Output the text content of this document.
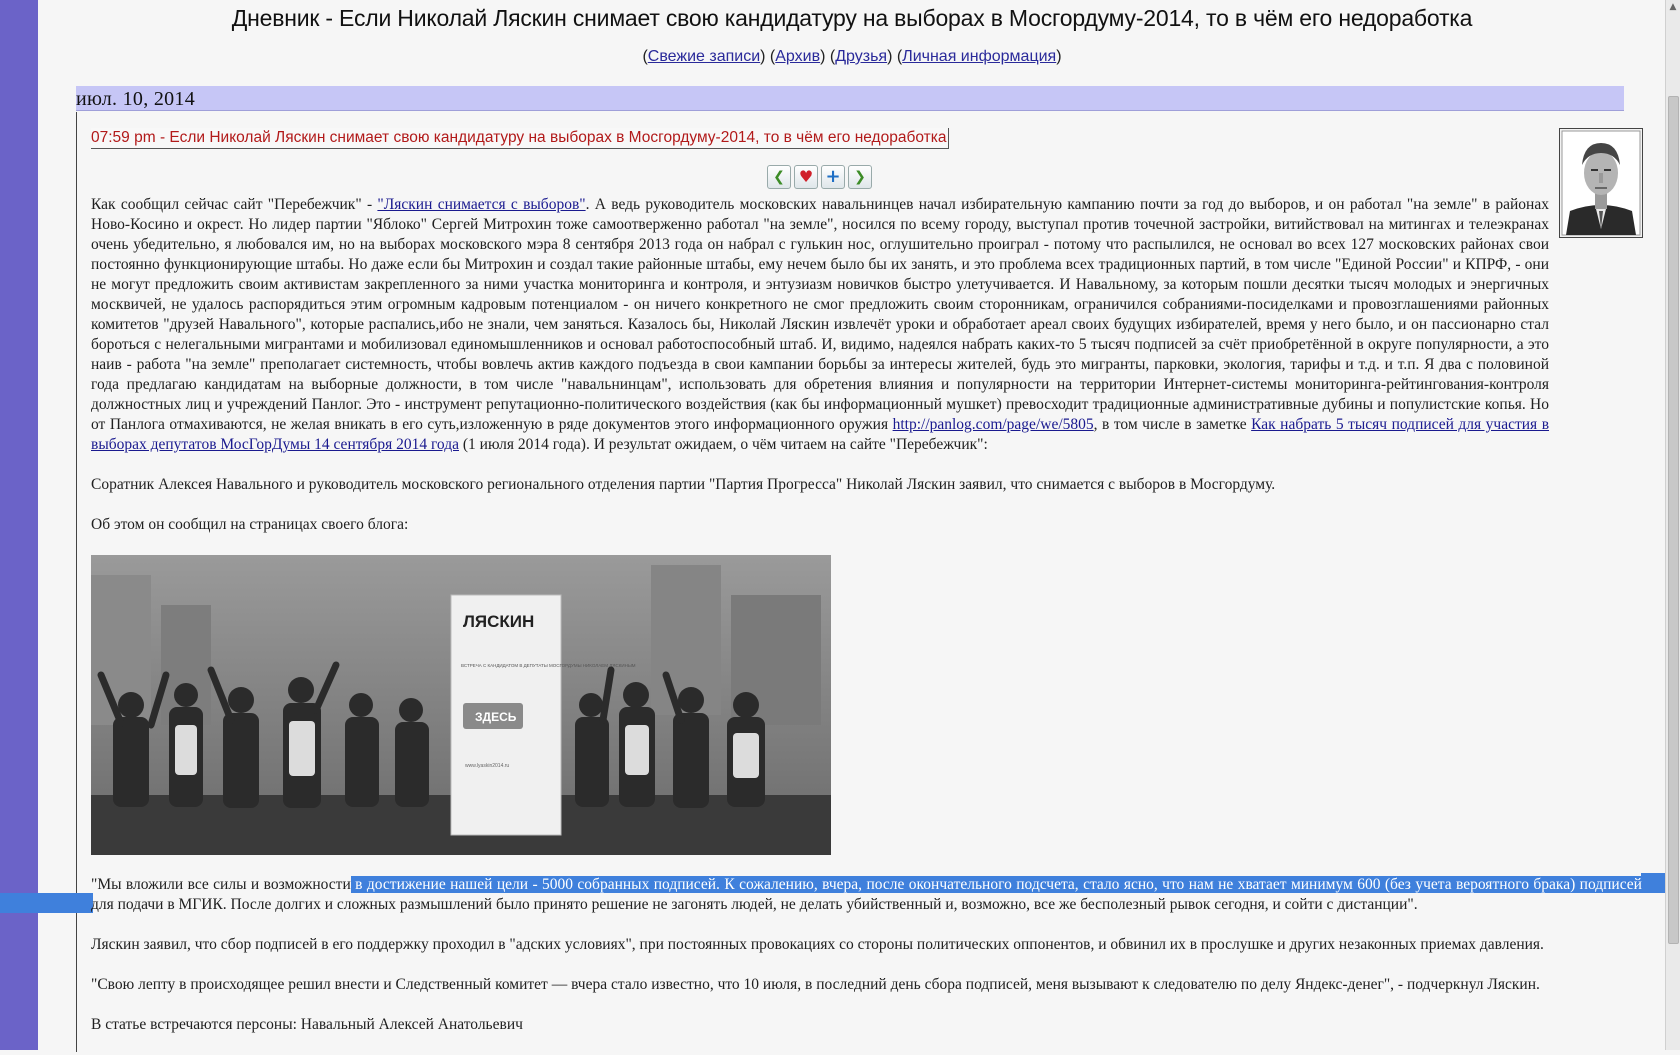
▲
Дневник - Если Николай Ляскин снимает свою кандидатуру на выборах в Мосгордуму-2014, то в чём его недоработка
(Свежие записи) (Архив) (Друзья) (Личная информация)
июл. 10, 2014
07:59 pm - Если Николай Ляскин снимает свою кандидатуру на выборах в Мосгордуму-2014, то в чём его недоработка
❮ ♥ + ❯

Как сообщил сейчас сайт "Перебежчик" - "Ляскин снимается с выборов". А ведь руководитель московских навальнинцев начал избирательную кампанию почти за год до выборов, и он работал "на земле" в районах Ново-Косино и окрест. Но лидер партии "Яблоко" Сергей Митрохин тоже самоотверженно работал "на земле", носился по всему городу, выступал против точечной застройки, витийствовал на митингах и телеэкранах очень убедительно, я любовался им, но на выборах московского мэра 8 сентября 2013 года он набрал с гулькин нос, оглушительно проиграл - потому что распылился, не основал во всех 127 московских районах свои постоянно функционирующие штабы. Но даже если бы Митрохин и создал такие районные штабы, ему нечем было бы их занять, и это проблема всех традиционных партий, в том числе "Единой России" и КПРФ, - они не могут предложить своим активистам закрепленного за ними участка мониторинга и контроля, и энтузиазм новичков быстро улетучивается. И Навальному, за которым пошли десятки тысяч молодых и энергичных москвичей, не удалось распорядиться этим огромным кадровым потенциалом - он ничего конкретного не смог предложить своим сторонникам, ограничился собраниями-посиделками и провозглашениями районных комитетов "друзей Навального", которые распались,ибо не знали, чем заняться. Казалось бы, Николай Ляскин извлечёт уроки и обработает ареал своих будущих избирателей, время у него было, и он пассионарно стал бороться с нелегальными мигрантами и мобилизовал единомышленников и основал работоспособный штаб. И, видимо, надеялся набрать каких-то 5 тысяч подписей за счёт приобретённой в округе популярности, а это наив - работа "на земле" преполагает системность, чтобы вовлечь актив каждого подъезда в свои кампании борьбы за интересы жителей, будь это мигранты, парковки, экология, тарифы и т.д. и т.п. Я два с половиной года предлагаю кандидатам на выборные должности, в том числе "навальнинцам", использовать для обретения влияния и популярности на территории Интернет-системы мониторинга-рейтингования-контроля должностных лиц и учреждений Панлог. Это - инструмент репутационно-политического воздействия (как бы информационный мушкет) превосходит традиционные административные дубины и популистские копья. Но от Панлога отмахиваются, не желая вникать в его суть,изложенную в ряде документов этого информационного оружия http://panlog.com/page/we/5805, в том числе в заметке Как набрать 5 тысяч подписей для участия в выборах депутатов МосГорДумы 14 сентября 2014 года (1 июля 2014 года). И результат ожидаем, о чём читаем на сайте "Перебежчик":

Соратник Алексея Навального и руководитель московского регионального отделения партии "Партия Прогресса" Николай Ляскин заявил, что снимается с выборов в Мосгордуму.

Об этом он сообщил на страницах своего блога:

ЛЯСКИН
ВСТРЕЧА С КАНДИДАТОМ В ДЕПУТАТЫ МОСГОРДУМЫ НИКОЛАЕМ ЛЯСКИНЫМ
ЗДЕСЬ
www.lyaskin2014.ru

"Мы вложили все силы и возможности в достижение нашей цели - 5000 собранных подписей. К сожалению, вчера, после окончательного подсчета, стало ясно, что нам не хватает минимум 600 (без учета вероятного брака) подписей для подачи в МГИК. После долгих и сложных размышлений было принято решение не загонять людей, не делать убийственный и, возможно, все же бесполезный рывок сегодня, и сойти с дистанции".

Ляскин заявил, что сбор подписей в его поддержку проходил в "адских условиях", при постоянных провокациях со стороны политических оппонентов, и обвинил их в прослушке и других незаконных приемах давления.

"Свою лепту в происходящее решил внести и Следственный комитет — вчера стало известно, что 10 июля, в последний день сбора подписей, меня вызывают к следователю по делу Яндекс-денег", - подчеркнул Ляскин.

В статье встречаются персоны: Навальный Алексей Анатольевич
